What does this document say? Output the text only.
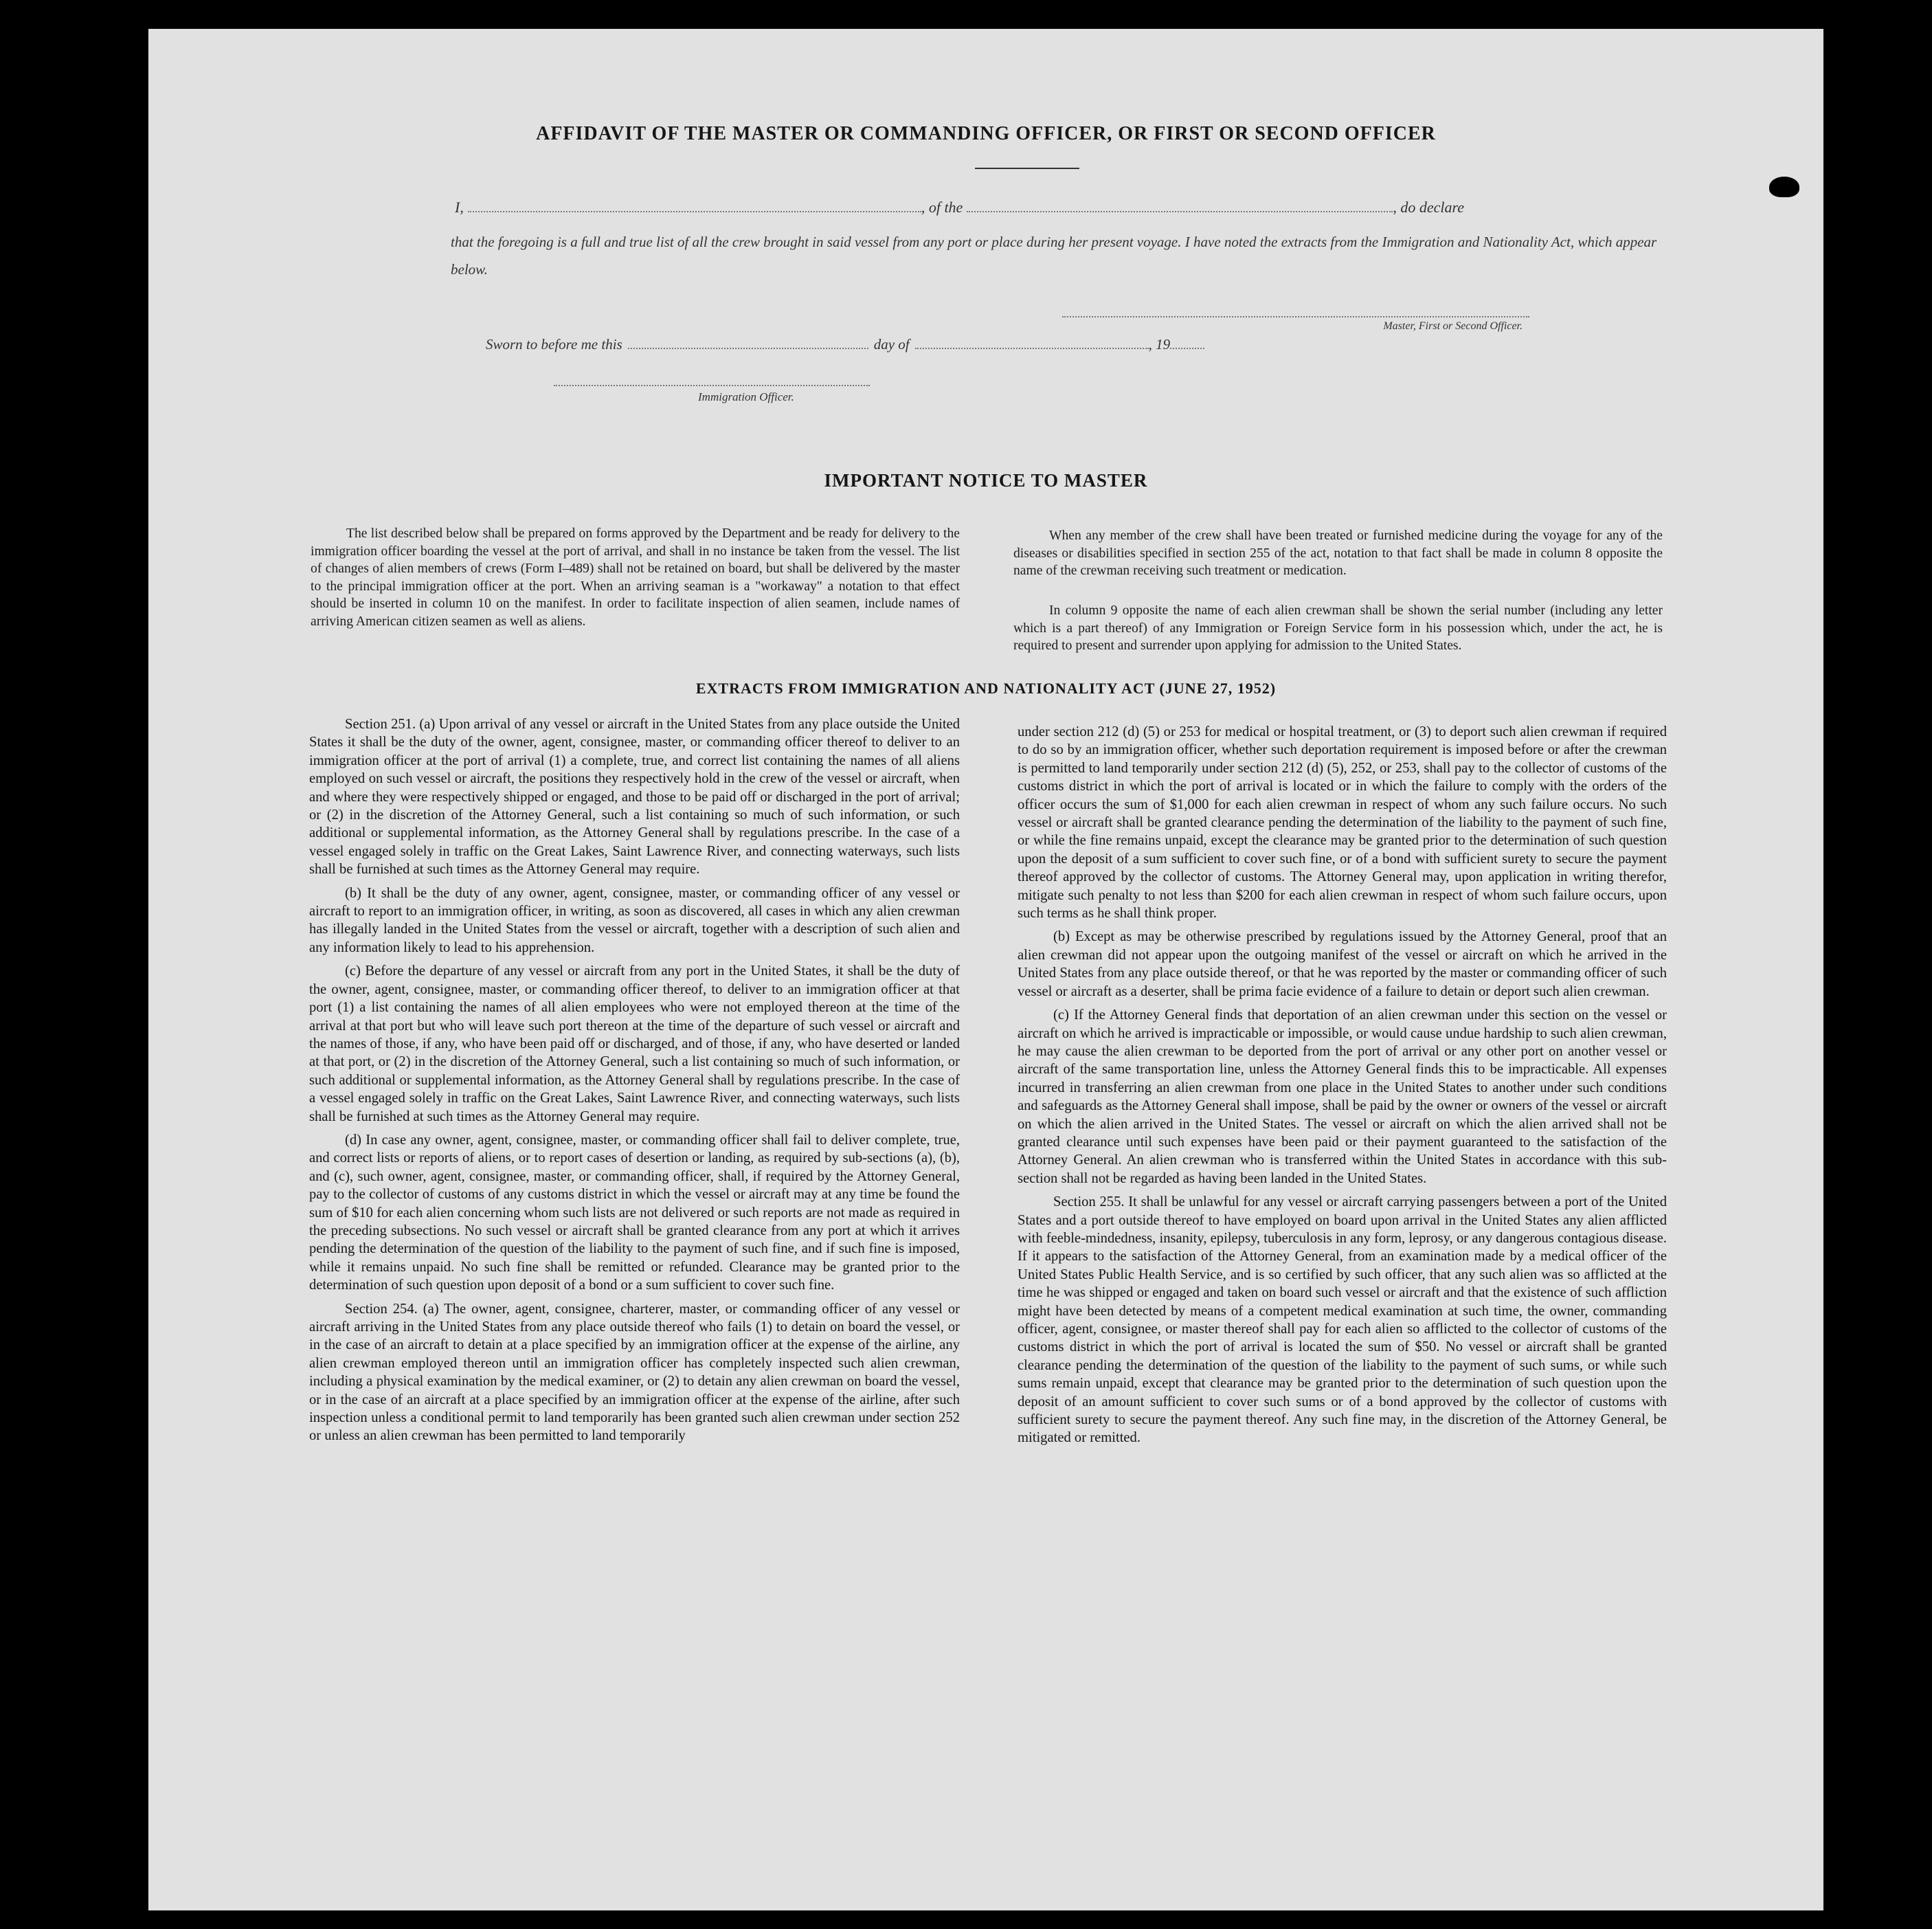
AFFIDAVIT OF THE MASTER OR COMMANDING OFFICER, OR FIRST OR SECOND OFFICER
I,	, of the	, do declare
that the foregoing is a full and true list of all the crew brought in said vessel from any port or place during her present voyage. I have noted the extracts from the Immigration and Nationality Act, which appear below.
Master, First or Second Officer.
Sworn to before me this	day of	, 19
Immigration Officer.
IMPORTANT NOTICE TO MASTER

The list described below shall be prepared on forms approved by the Department and be ready for delivery to the immigration officer boarding the vessel at the port of arrival, and shall in no instance be taken from the vessel. The list of changes of alien members of crews (Form I–489) shall not be retained on board, but shall be delivered by the master to the principal immigration officer at the port. When an arriving seaman is a "workaway" a notation to that effect should be inserted in column 10 on the manifest. In order to facilitate inspection of alien seamen, include names of arriving American citizen seamen as well as aliens.

When any member of the crew shall have been treated or furnished medicine during the voyage for any of the diseases or disabilities specified in section 255 of the act, notation to that fact shall be made in column 8 opposite the name of the crewman receiving such treatment or medication.

In column 9 opposite the name of each alien crewman shall be shown the serial number (including any letter which is a part thereof) of any Immigration or Foreign Service form in his possession which, under the act, he is required to present and surrender upon applying for admission to the United States.

EXTRACTS FROM IMMIGRATION AND NATIONALITY ACT (JUNE 27, 1952)

Section 251. (a) Upon arrival of any vessel or aircraft in the United States from any place outside the United States it shall be the duty of the owner, agent, consignee, master, or commanding officer thereof to deliver to an immigration officer at the port of arrival (1) a complete, true, and correct list containing the names of all aliens employed on such vessel or aircraft, the positions they respectively hold in the crew of the vessel or aircraft, when and where they were respectively shipped or engaged, and those to be paid off or discharged in the port of arrival; or (2) in the discretion of the Attorney General, such a list containing so much of such information, or such additional or supplemental information, as the Attorney General shall by regulations prescribe. In the case of a vessel engaged solely in traffic on the Great Lakes, Saint Lawrence River, and connecting waterways, such lists shall be furnished at such times as the Attorney General may require.

(b) It shall be the duty of any owner, agent, consignee, master, or commanding officer of any vessel or aircraft to report to an immigration officer, in writing, as soon as discovered, all cases in which any alien crewman has illegally landed in the United States from the vessel or aircraft, together with a description of such alien and any information likely to lead to his apprehension.

(c) Before the departure of any vessel or aircraft from any port in the United States, it shall be the duty of the owner, agent, consignee, master, or commanding officer thereof, to deliver to an immigration officer at that port (1) a list containing the names of all alien employees who were not employed thereon at the time of the arrival at that port but who will leave such port thereon at the time of the departure of such vessel or aircraft and the names of those, if any, who have been paid off or discharged, and of those, if any, who have deserted or landed at that port, or (2) in the discretion of the Attorney General, such a list containing so much of such information, or such additional or supplemental information, as the Attorney General shall by regulations prescribe. In the case of a vessel engaged solely in traffic on the Great Lakes, Saint Lawrence River, and connecting waterways, such lists shall be furnished at such times as the Attorney General may require.

(d) In case any owner, agent, consignee, master, or commanding officer shall fail to deliver complete, true, and correct lists or reports of aliens, or to report cases of desertion or landing, as required by sub-sections (a), (b), and (c), such owner, agent, consignee, master, or commanding officer, shall, if required by the Attorney General, pay to the collector of customs of any customs district in which the vessel or aircraft may at any time be found the sum of $10 for each alien concerning whom such lists are not delivered or such reports are not made as required in the preceding subsections. No such vessel or aircraft shall be granted clearance from any port at which it arrives pending the determination of the question of the liability to the payment of such fine, and if such fine is imposed, while it remains unpaid. No such fine shall be remitted or refunded. Clearance may be granted prior to the determination of such question upon deposit of a bond or a sum sufficient to cover such fine.

Section 254. (a) The owner, agent, consignee, charterer, master, or commanding officer of any vessel or aircraft arriving in the United States from any place outside thereof who fails (1) to detain on board the vessel, or in the case of an aircraft to detain at a place specified by an immigration officer at the expense of the airline, any alien crewman employed thereon until an immigration officer has completely inspected such alien crewman, including a physical examination by the medical examiner, or (2) to detain any alien crewman on board the vessel, or in the case of an aircraft at a place specified by an immigration officer at the expense of the airline, after such inspection unless a conditional permit to land temporarily has been granted such alien crewman under section 252 or unless an alien crewman has been permitted to land temporarily

under section 212 (d) (5) or 253 for medical or hospital treatment, or (3) to deport such alien crewman if required to do so by an immigration officer, whether such deportation requirement is imposed before or after the crewman is permitted to land temporarily under section 212 (d) (5), 252, or 253, shall pay to the collector of customs of the customs district in which the port of arrival is located or in which the failure to comply with the orders of the officer occurs the sum of $1,000 for each alien crewman in respect of whom any such failure occurs. No such vessel or aircraft shall be granted clearance pending the determination of the liability to the payment of such fine, or while the fine remains unpaid, except the clearance may be granted prior to the determination of such question upon the deposit of a sum sufficient to cover such fine, or of a bond with sufficient surety to secure the payment thereof approved by the collector of customs. The Attorney General may, upon application in writing therefor, mitigate such penalty to not less than $200 for each alien crewman in respect of whom such failure occurs, upon such terms as he shall think proper.

(b) Except as may be otherwise prescribed by regulations issued by the Attorney General, proof that an alien crewman did not appear upon the outgoing manifest of the vessel or aircraft on which he arrived in the United States from any place outside thereof, or that he was reported by the master or commanding officer of such vessel or aircraft as a deserter, shall be prima facie evidence of a failure to detain or deport such alien crewman.

(c) If the Attorney General finds that deportation of an alien crewman under this section on the vessel or aircraft on which he arrived is impracticable or impossible, or would cause undue hardship to such alien crewman, he may cause the alien crewman to be deported from the port of arrival or any other port on another vessel or aircraft of the same transportation line, unless the Attorney General finds this to be impracticable. All expenses incurred in transferring an alien crewman from one place in the United States to another under such conditions and safeguards as the Attorney General shall impose, shall be paid by the owner or owners of the vessel or aircraft on which the alien arrived in the United States. The vessel or aircraft on which the alien arrived shall not be granted clearance until such expenses have been paid or their payment guaranteed to the satisfaction of the Attorney General. An alien crewman who is transferred within the United States in accordance with this sub-section shall not be regarded as having been landed in the United States.

Section 255. It shall be unlawful for any vessel or aircraft carrying passengers between a port of the United States and a port outside thereof to have employed on board upon arrival in the United States any alien afflicted with feeble-mindedness, insanity, epilepsy, tuberculosis in any form, leprosy, or any dangerous contagious disease. If it appears to the satisfaction of the Attorney General, from an examination made by a medical officer of the United States Public Health Service, and is so certified by such officer, that any such alien was so afflicted at the time he was shipped or engaged and taken on board such vessel or aircraft and that the existence of such affliction might have been detected by means of a competent medical examination at such time, the owner, commanding officer, agent, consignee, or master thereof shall pay for each alien so afflicted to the collector of customs of the customs district in which the port of arrival is located the sum of $50. No vessel or aircraft shall be granted clearance pending the determination of the question of the liability to the payment of such sums, or while such sums remain unpaid, except that clearance may be granted prior to the determination of such question upon the deposit of an amount sufficient to cover such sums or of a bond approved by the collector of customs with sufficient surety to secure the payment thereof. Any such fine may, in the discretion of the Attorney General, be mitigated or remitted.
